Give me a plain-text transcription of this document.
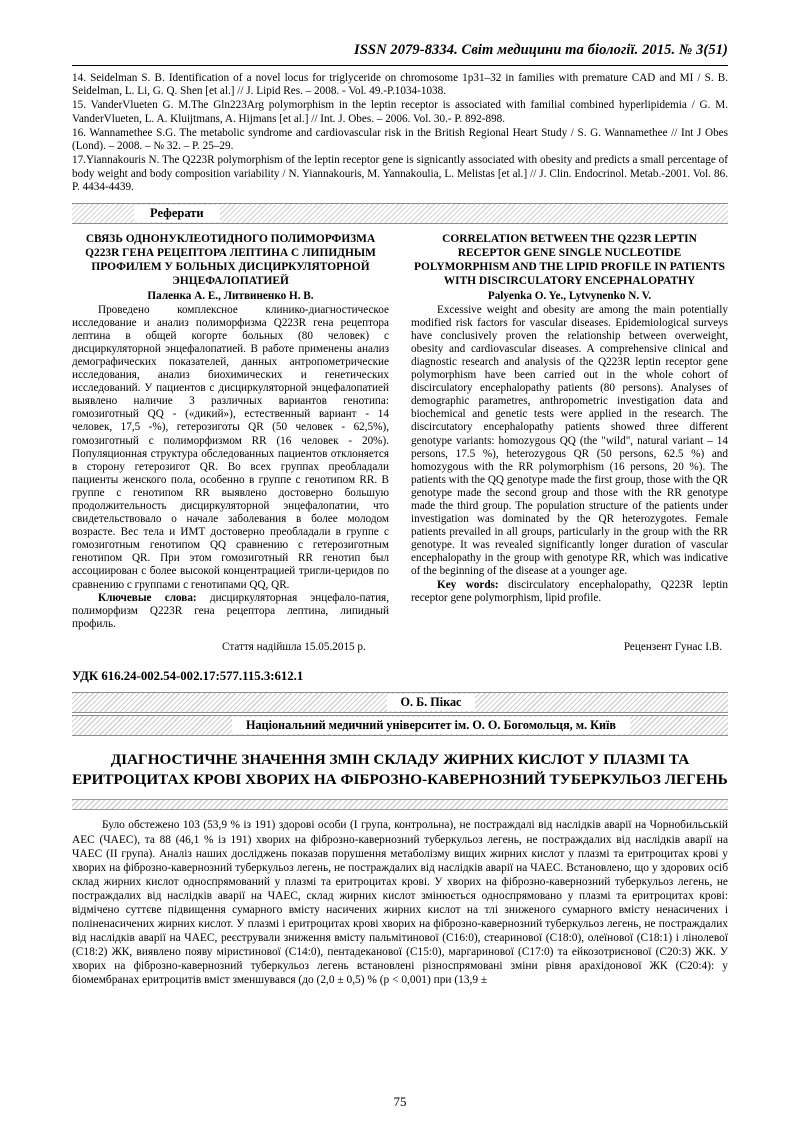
ISSN 2079-8334. Світ медицини та біології. 2015. № 3(51)

14. Seidelman S. B. Identification of a novel locus for triglyceride on chromosome 1p31–32 in families with premature CAD and MI / S. B. Seidelman, L. Li, G. Q. Shen [et al.] // J. Lipid Res. – 2008. - Vol. 49.-P.1034-1038.

15. VanderVlueten G. M.The Gln223Arg polymorphism in the leptin receptor is associated with familial combined hyperlipidemia / G. M. VanderVlueten, L. A. Kluijtmans, A. Hijmans [et al.] // Int. J. Obes. – 2006. Vol. 30.- P. 892-898.

16. Wannamethee S.G. The metabolic syndrome and cardiovascular risk in the British Regional Heart Study / S. G. Wannamethee // Int J Obes (Lond). – 2008. – № 32. – P. 25–29.

17.Yiannakouris N. The Q223R polymorphism of the leptin receptor gene is signicantly associated with obesity and predicts a small percentage of body weight and body composition variability / N. Yiannakouris, M. Yannakoulia, L. Melistas [et al.] // J. Clin. Endocrinol. Metab.-2001. Vol. 86. P. 4434-4439.

Реферати
СВЯЗЬ ОДНОНУКЛЕОТИДНОГО ПОЛИМОРФИЗМА Q223R ГЕНА РЕЦЕПТОРА ЛЕПТИНА С ЛИПИДНЫМ ПРОФИЛЕМ У БОЛЬНЫХ ДИСЦИРКУЛЯТОРНОЙ ЭНЦЕФАЛОПАТИЕЙ
Паленка А. Е., Литвиненко Н. В.

Проведено комплексное клинико-диагностическое исследование и анализ полиморфизма Q223R гена рецептора лептина в общей когорте больных (80 человек) с дисциркуляторной энцефалопатией. В работе применены анализ демографических показателей, данных антропометрические исследования, анализ биохимических и генетических исследований. У пациентов с дисциркуляторной энцефалопатией выявлено наличие 3 различных вариантов генотипа: гомозиготный QQ - («дикий»), естественный вариант - 14 человек, 17,5 -%), гетерозиготы QR (50 человек - 62,5%), гомозиготный с полиморфизмом RR (16 человек - 20%). Популяционная структура обследованных пациентов отклоняется в сторону гетерозигот QR. Во всех группах преобладали пациенты женского пола, особенно в группе с генотипом RR. В группе с генотипом RR выявлено достоверно большую продолжительность дисциркуляторной энцефалопатии, что свидетельствовало о начале заболевания в более молодом возрасте. Вес тела и ИМТ достоверно преобладали в группе с гомозиготным генотипом QQ сравнению с гетерозиготным генотипом QR. При этом гомозиготный RR генотип был ассоциирован с более высокой концентрацией тригли-церидов по сравнению с группами с генотипами QQ, QR.

Ключевые слова: дисциркуляторная энцефало-патия, полиморфизм Q223R гена рецептора лептина, липидный профиль.
CORRELATION BETWEEN THE Q223R LEPTIN RECEPTOR GENE SINGLE NUCLEOTIDE POLYMORPHISM AND THE LIPID PROFILE IN PATIENTS WITH DISCIRCULATORY ENCEPHALOPATHY
Palyenka O. Ye., Lytvynenko N. V.

Excessive weight and obesity are among the main potentially modified risk factors for vascular diseases. Epidemiological surveys have conclusively proven the relationship between overweight, obesity and cardiovascular diseases. A comprehensive clinical and diagnostic research and analysis of the Q223R leptin receptor gene polymorphism have been carried out in the whole cohort of discirculatory encephalopathy patients (80 persons). Analyses of demographic parametres, anthropometric investigation data and biochemical and genetic tests were applied in the research. The discircutatory encephalopathy patients showed three different genotype variants: homozygous QQ (the "wild", natural variant – 14 persons, 17.5 %), heterozygous QR (50 persons, 62.5 %) and homozygous with the RR polymorphism (16 persons, 20 %). The patients with the QQ genotype made the first group, those with the QR genotype made the second group and those with the RR genotype made the third group. The population structure of the patients under investigation was dominated by the QR heterozygotes. Female patients prevailed in all groups, particularly in the group with the RR genotype. It was revealed significantly longer duration of vascular encephalopathy in the group with genotype RR, which was indicative of the beginning of the disease at a younger age.

Key words: discirculatory encephalopathy, Q223R leptin receptor gene polymorphism, lipid profile.
Стаття надійшла 15.05.2015 р.	Рецензент Гунас І.В.
УДК 616.24-002.54-002.17:577.115.3:612.1
О. Б. Пікас
Національний медичний університет ім. О. О. Богомольця, м. Київ
ДІАГНОСТИЧНЕ ЗНАЧЕННЯ ЗМІН СКЛАДУ ЖИРНИХ КИСЛОТ У ПЛАЗМІ ТА ЕРИТРОЦИТАХ КРОВІ ХВОРИХ НА ФІБРОЗНО-КАВЕРНОЗНИЙ ТУБЕРКУЛЬОЗ ЛЕГЕНЬ

Було обстежено 103 (53,9 % із 191) здорові особи (I група, контрольна), не постраждалі від наслідків аварії на Чорнобильській АЕС (ЧАЕС), та 88 (46,1 % із 191) хворих на фіброзно-кавернозний туберкульоз легень, не постраждалих від наслідків аварії на ЧАЕС (ІІ група). Аналіз наших досліджень показав порушення метаболізму вищих жирних кислот у плазмі та еритроцитах крові у хворих на фіброзно-кавернозний туберкульоз легень, не постраждалих від наслідків аварії на ЧАЕС. Встановлено, що у здорових осіб склад жирних кислот односпрямований у плазмі та еритроцитах крові. У хворих на фіброзно-кавернозний туберкульоз легень, не постраждалих від наслідків аварії на ЧАЕС, склад жирних кислот змінюється односпрямовано у плазмі та еритроцитах крові: відмічено суттєве підвищення сумарного вмісту насичених жирних кислот на тлі зниженого сумарного вмісту ненасичених і поліненасичених жирних кислот. У плазмі і еритроцитах крові хворих на фіброзно-кавернозний туберкульоз легень, не постраждалих від наслідків аварії на ЧАЕС, реєстрували зниження вмісту пальмітинової (С16:0), стеаринової (С18:0), олеїнової (С18:1) і лінолевої (С18:2) ЖК, виявлено появу міристинової (С14:0), пентадеканової (С15:0), маргаринової (С17:0) та ейкозотриєнової (С20:3) ЖК. У хворих на фіброзно-кавернозний туберкульоз легень встановлені різноспрямовані зміни рівня арахідонової ЖК (С20:4): у біомембранах еритроцитів вміст зменшувався (до (2,0 ± 0,5) % (р < 0,001) при (13,9 ±

75
